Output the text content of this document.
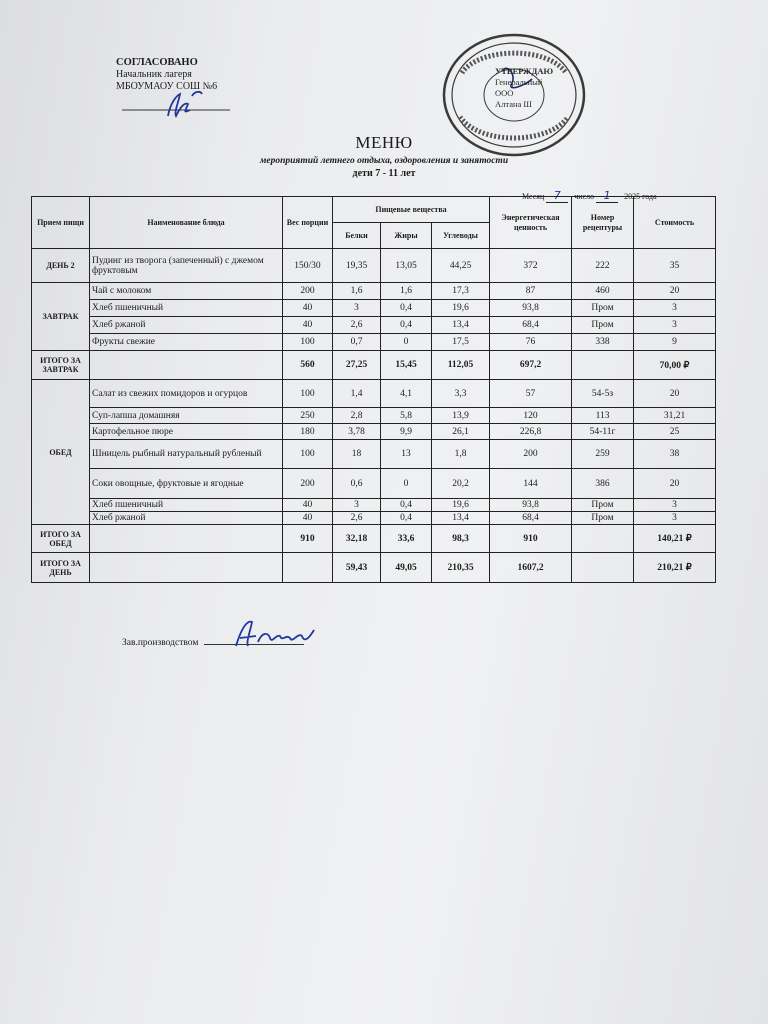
СОГЛАСОВАНО
Начальник лагеря
МБОУМАОУ СОШ №6
УТВЕРЖДАЮ
Генеральный
ООО
Алтана Ш
МЕНЮ
мероприятий летнего отдыха, оздоровления и занятости
дети 7 - 11 лет
Месяц 7 число 1 2025 года
Прием пищи	Наименование блюда	Вес порции	Пищевые вещества			Энергетическая ценность	Номер рецептуры	Стоимость
			Белки	Жиры	Углеводы			
ДЕНЬ 2	Пудинг из творога (запеченный) с джемом фруктовым	150/30	19,35	13,05	44,25	372	222	35
ЗАВТРАК	Чай с молоком	200	1,6	1,6	17,3	87	460	20
	Хлеб пшеничный	40	3	0,4	19,6	93,8	Пром	3
	Хлеб ржаной	40	2,6	0,4	13,4	68,4	Пром	3
	Фрукты свежие	100	0,7	0	17,5	76	338	9
ИТОГО ЗА ЗАВТРАК		560	27,25	15,45	112,05	697,2		70,00 ₽
ОБЕД	Салат из свежих помидоров и огурцов	100	1,4	4,1	3,3	57	54-5з	20
	Суп-лапша домашняя	250	2,8	5,8	13,9	120	113	31,21
	Картофельное пюре	180	3,78	9,9	26,1	226,8	54-11г	25
	Шницель рыбный натуральный рубленый	100	18	13	1,8	200	259	38
	Соки овощные, фруктовые и ягодные	200	0,6	0	20,2	144	386	20
	Хлеб пшеничный	40	3	0,4	19,6	93,8	Пром	3
	Хлеб ржаной	40	2,6	0,4	13,4	68,4	Пром	3
ИТОГО ЗА ОБЕД		910	32,18	33,6	98,3	910		140,21 ₽
ИТОГО ЗА ДЕНЬ			59,43	49,05	210,35	1607,2		210,21 ₽
Зав.производством
